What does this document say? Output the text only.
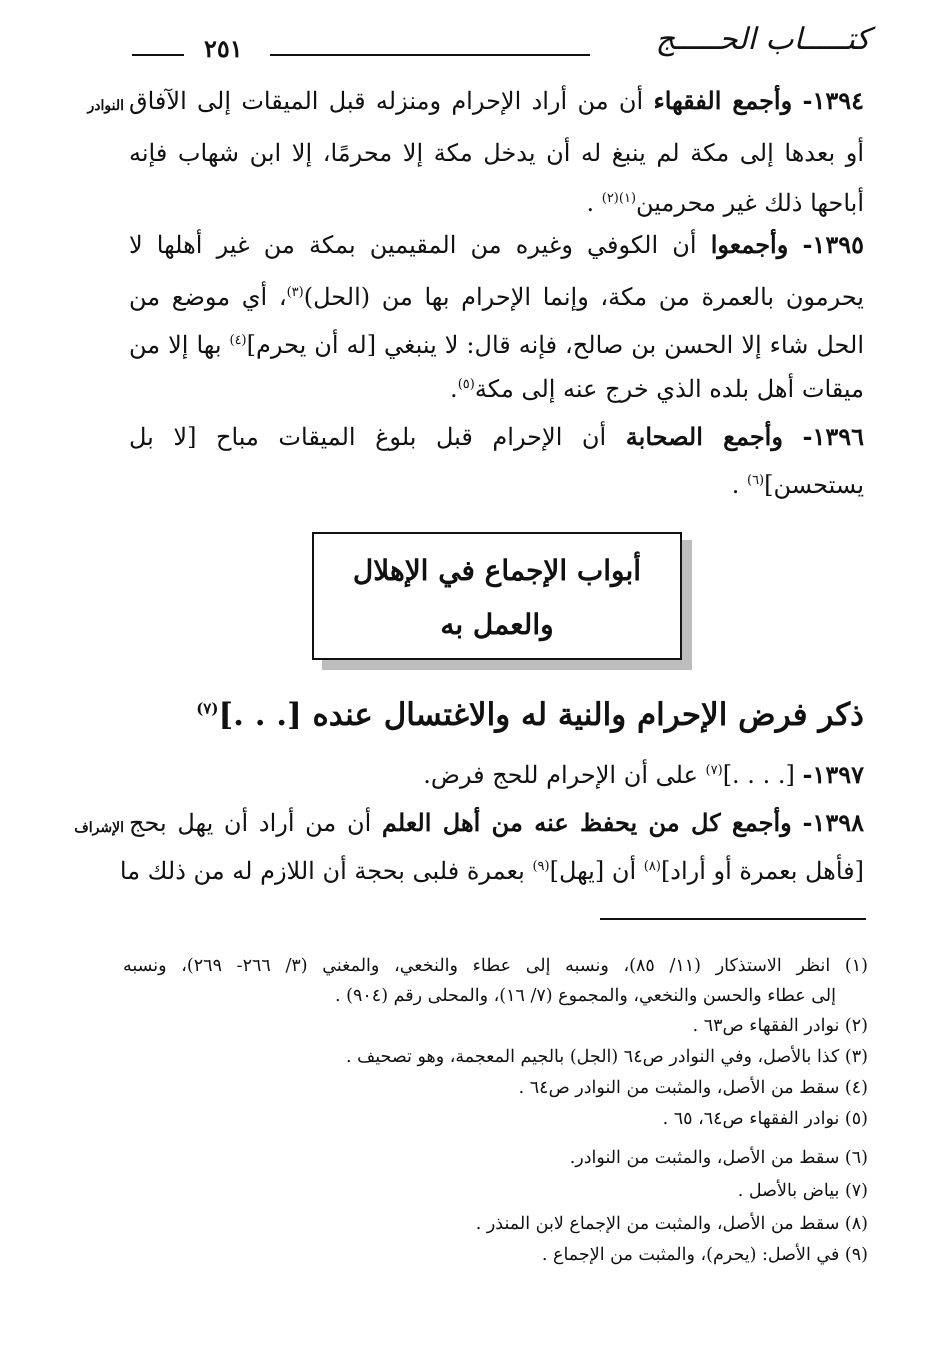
٢٥١	كتـــــاب الحـــــج
النوادر
الإشراف
١٣٩٤- وأجمع الفقهاء أن من أراد الإحرام ومنزله قبل الميقات إلى الآفاق
أو بعدها إلى مكة لم ينبغ له أن يدخل مكة إلا محرمًا، إلا ابن شهاب فإنه
أباحها ذلك غير محرمين$^{(١)(٢)}$ .
١٣٩٥- وأجمعوا أن الكوفي وغيره من المقيمين بمكة من غير أهلها لا
يحرمون بالعمرة من مكة، وإنما الإحرام بها من (الحل)$^{(٣)}$، أي موضع من
الحل شاء إلا الحسن بن صالح، فإنه قال: لا ينبغي [له أن يحرم]$^{(٤)}$ بها إلا من
ميقات أهل بلده الذي خرج عنه إلى مكة$^{(٥)}$.
١٣٩٦- وأجمع الصحابة أن الإحرام قبل بلوغ الميقات مباح [لا بل
يستحسن]$^{(٦)}$ .
أبواب الإجماع في الإهلال
والعمل به
ذكر فرض الإحرام والنية له والاغتسال عنده [. . .]$^{(٧)}$
١٣٩٧- [. . . .]$^{(٧)}$ على أن الإحرام للحج فرض.
١٣٩٨- وأجمع كل من يحفظ عنه من أهل العلم أن من أراد أن يهل بحج
[فأهل بعمرة أو أراد]$^{(٨)}$ أن [يهل]$^{(٩)}$ بعمرة فلبى بحجة أن اللازم له من ذلك ما
(١) انظر الاستذكار (١١/ ٨٥)، ونسبه إلى عطاء والنخعي، والمغني (٣/ ٢٦٦- ٢٦٩)، ونسبه
إلى عطاء والحسن والنخعي، والمجموع (٧/ ١٦)، والمحلى رقم (٩٠٤) .
(٢) نوادر الفقهاء ص٦٣ .
(٣) كذا بالأصل، وفي النوادر ص٦٤ (الجل) بالجيم المعجمة، وهو تصحيف .
(٤) سقط من الأصل، والمثبت من النوادر ص٦٤ .
(٥) نوادر الفقهاء ص٦٤، ٦٥ .
(٦) سقط من الأصل، والمثبت من النوادر.
(٧) بياض بالأصل .
(٨) سقط من الأصل، والمثبت من الإجماع لابن المنذر .
(٩) في الأصل: (يحرم)، والمثبت من الإجماع .
